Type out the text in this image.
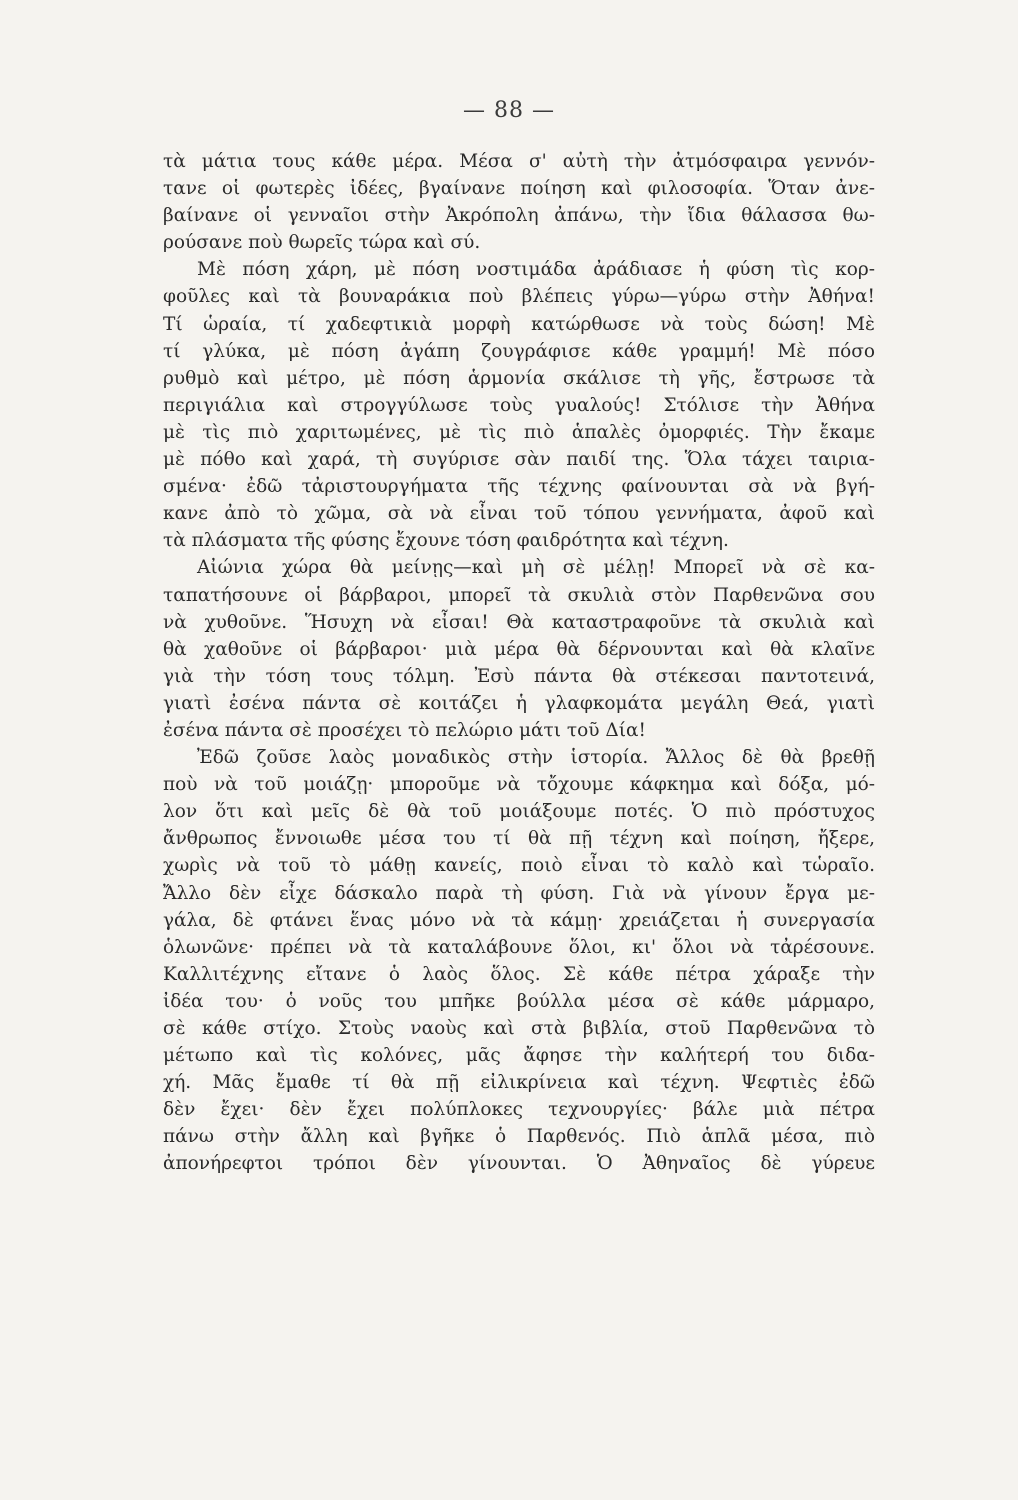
— 88 —
τὰ μάτια τους κάθε μέρα. Μέσα σ' αὐτὴ τὴν ἀτμόσφαιρα γεννόν-
τανε οἱ φωτερὲς ἰδέες, βγαίνανε ποίηση καὶ φιλοσοφία. Ὅταν ἀνε-
βαίνανε οἱ γενναῖοι στὴν Ἀκρόπολη ἀπάνω, τὴν ἴδια θάλασσα θω-
ρούσανε ποὺ θωρεῖς τώρα καὶ σύ.
Μὲ πόση χάρη, μὲ πόση νοστιμάδα ἀράδιασε ἡ φύση τὶς κορ-
φοῦλες καὶ τὰ βουναράκια ποὺ βλέπεις γύρω—γύρω στὴν Ἀθήνα!
Τί ὡραία, τί χαδεφτικιὰ μορφὴ κατώρθωσε νὰ τοὺς δώση! Μὲ
τί γλύκα, μὲ πόση ἀγάπη ζουγράφισε κάθε γραμμή! Μὲ πόσο
ρυθμὸ καὶ μέτρο, μὲ πόση ἁρμονία σκάλισε τὴ γῆς, ἔστρωσε τὰ
περιγιάλια καὶ στρογγύλωσε τοὺς γυαλούς! Στόλισε τὴν Ἀθήνα
μὲ τὶς πιὸ χαριτωμένες, μὲ τὶς πιὸ ἁπαλὲς ὀμορφιές. Τὴν ἔκαμε
μὲ πόθο καὶ χαρά, τὴ συγύρισε σὰν παιδί της. Ὅλα τάχει ταιρια-
σμένα· ἐδῶ τἀριστουργήματα τῆς τέχνης φαίνουνται σὰ νὰ βγή-
κανε ἀπὸ τὸ χῶμα, σὰ νὰ εἶναι τοῦ τόπου γεννήματα, ἀφοῦ καὶ
τὰ πλάσματα τῆς φύσης ἔχουνε τόση φαιδρότητα καὶ τέχνη.
Αἰώνια χώρα θὰ μείνῃς—καὶ μὴ σὲ μέλῃ! Μπορεῖ νὰ σὲ κα-
ταπατήσουνε οἱ βάρβαροι, μπορεῖ τὰ σκυλιὰ στὸν Παρθενῶνα σου
νὰ χυθοῦνε. Ἥσυχη νὰ εἶσαι! Θὰ καταστραφοῦνε τὰ σκυλιὰ καὶ
θὰ χαθοῦνε οἱ βάρβαροι· μιὰ μέρα θὰ δέρνουνται καὶ θὰ κλαῖνε
γιὰ τὴν τόση τους τόλμη. Ἐσὺ πάντα θὰ στέκεσαι παντοτεινά,
γιατὶ ἐσένα πάντα σὲ κοιτάζει ἡ γλαφκομάτα μεγάλη Θεά, γιατὶ
ἐσένα πάντα σὲ προσέχει τὸ πελώριο μάτι τοῦ Δία!
Ἐδῶ ζοῦσε λαὸς μοναδικὸς στὴν ἱστορία. Ἄλλος δὲ θὰ βρεθῇ
ποὺ νὰ τοῦ μοιάζῃ· μποροῦμε νὰ τὄχουμε κάφκημα καὶ δόξα, μό-
λον ὅτι καὶ μεῖς δὲ θὰ τοῦ μοιάξουμε ποτές. Ὁ πιὸ πρόστυχος
ἄνθρωπος ἔννοιωθε μέσα του τί θὰ πῇ τέχνη καὶ ποίηση, ἤξερε,
χωρὶς νὰ τοῦ τὸ μάθῃ κανείς, ποιὸ εἶναι τὸ καλὸ καὶ τὡραῖο.
Ἄλλο δὲν εἶχε δάσκαλο παρὰ τὴ φύση. Γιὰ νὰ γίνουν ἔργα με-
γάλα, δὲ φτάνει ἕνας μόνο νὰ τὰ κάμῃ· χρειάζεται ἡ συνεργασία
ὁλωνῶνε· πρέπει νὰ τὰ καταλάβουνε ὅλοι, κι' ὅλοι νὰ τἀρέσουνε.
Καλλιτέχνης εἴτανε ὁ λαὸς ὅλος. Σὲ κάθε πέτρα χάραξε τὴν
ἰδέα του· ὁ νοῦς του μπῆκε βούλλα μέσα σὲ κάθε μάρμαρο,
σὲ κάθε στίχο. Στοὺς ναοὺς καὶ στὰ βιβλία, στοῦ Παρθενῶνα τὸ
μέτωπο καὶ τὶς κολόνες, μᾶς ἄφησε τὴν καλήτερή του διδα-
χή. Μᾶς ἔμαθε τί θὰ πῇ εἰλικρίνεια καὶ τέχνη. Ψεφτιὲς ἐδῶ
δὲν ἔχει· δὲν ἔχει πολύπλοκες τεχνουργίες· βάλε μιὰ πέτρα
πάνω στὴν ἄλλη καὶ βγῆκε ὁ Παρθενός. Πιὸ ἁπλᾶ μέσα, πιὸ
ἀπονήρεφτοι τρόποι δὲν γίνουνται. Ὁ Ἀθηναῖος δὲ γύρευε
